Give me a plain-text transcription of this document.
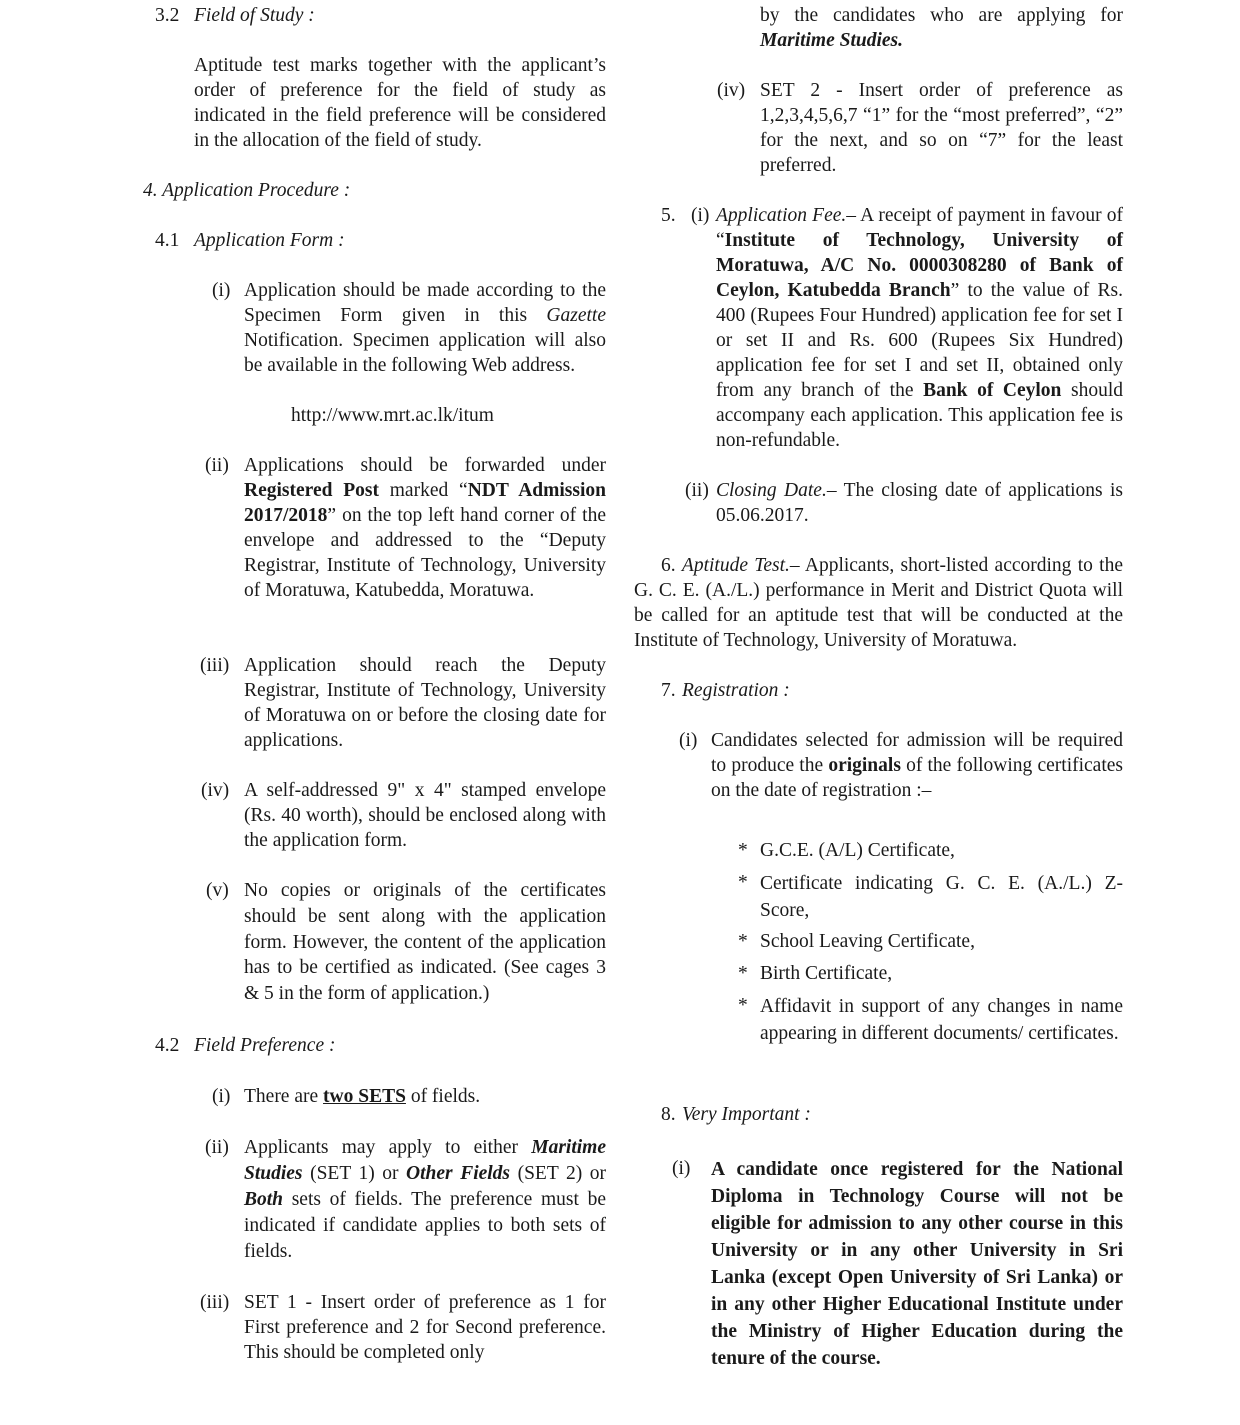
3.2 Field of Study :
Aptitude test marks together with the applicant’s order of preference for the field of study as indicated in the field preference will be considered in the allocation of the field of study.
4. Application Procedure :
4.1 Application Form :
(i) Application should be made according to the Specimen Form given in this Gazette Notification. Specimen application will also be available in the following Web address.
http://www.mrt.ac.lk/itum
(ii) Applications should be forwarded under Registered Post marked “NDT Admission 2017/2018” on the top left hand corner of the envelope and addressed to the “Deputy Registrar, Institute of Technology, University of Moratuwa, Katubedda, Moratuwa.
(iii) Application should reach the Deputy Registrar, Institute of Technology, University of Moratuwa on or before the closing date for applications.
(iv) A self-addressed 9" x 4" stamped envelope (Rs. 40 worth), should be enclosed along with the application form.
(v) No copies or originals of the certificates should be sent along with the application form. However, the content of the application has to be certified as indicated. (See cages 3 & 5 in the form of application.)
4.2 Field Preference :
(i) There are two SETS of fields.
(ii) Applicants may apply to either Maritime Studies (SET 1) or Other Fields (SET 2) or Both sets of fields. The preference must be indicated if candidate applies to both sets of fields.
(iii) SET 1 - Insert order of preference as 1 for First preference and 2 for Second preference. This should be completed only
by the candidates who are applying for
Maritime Studies.
(iv) SET 2 - Insert order of preference as 1,2,3,4,5,6,7 “1” for the “most preferred”, “2” for the next, and so on “7” for the least preferred.
5. (i) Application Fee.– A receipt of payment in favour of “Institute of Technology, University of Moratuwa, A/C No. 0000308280 of Bank of Ceylon, Katubedda Branch” to the value of Rs. 400 (Rupees Four Hundred) application fee for set I or set II and Rs. 600 (Rupees Six Hundred) application fee for set I and set II, obtained only from any branch of the Bank of Ceylon should accompany each application. This application fee is non-refundable.
(ii) Closing Date.– The closing date of applications is 05.06.2017.
6. Aptitude Test.– Applicants, short-listed according to the G. C. E. (A./L.) performance in Merit and District Quota will be called for an aptitude test that will be conducted at the Institute of Technology, University of Moratuwa.
7. Registration :
(i) Candidates selected for admission will be required to produce the originals of the following certificates on the date of registration :–
* G.C.E. (A/L) Certificate,
* Certificate indicating G. C. E. (A./L.) Z-Score,
* School Leaving Certificate,
* Birth Certificate,
* Affidavit in support of any changes in name appearing in different documents/ certificates.
8. Very Important :
(i) A candidate once registered for the National Diploma in Technology Course will not be eligible for admission to any other course in this University or in any other University in Sri Lanka (except Open University of Sri Lanka) or in any other Higher Educational Institute under the Ministry of Higher Education during the tenure of the course.
